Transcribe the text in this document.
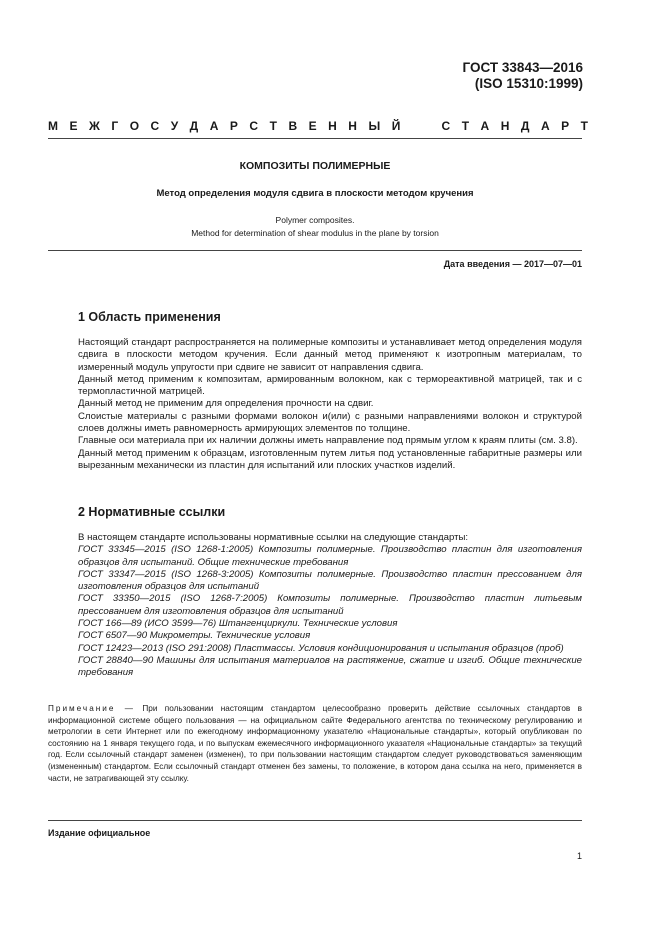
ГОСТ 33843—2016
(ISO 15310:1999)
М Е Ж Г О С У Д А Р С Т В Е Н Н Ы Й

	С Т А Н Д А Р Т
КОМПОЗИТЫ ПОЛИМЕРНЫЕ
Метод определения модуля сдвига в плоскости методом кручения
Polymer composites.
Method for determination of shear modulus in the plane by torsion
Дата введения — 2017—07—01
1 Область применения

Настоящий стандарт распространяется на полимерные композиты и устанавливает метод определения модуля сдвига в плоскости методом кручения. Если данный метод применяют к изотропным материалам, то измеренный модуль упругости при сдвиге не зависит от направления сдвига.

Данный метод применим к композитам, армированным волокном, как с термореактивной матрицей, так и с термопластичной матрицей.

Данный метод не применим для определения прочности на сдвиг.

Слоистые материалы с разными формами волокон и(или) с разными направлениями волокон и структурой слоев должны иметь равномерность армирующих элементов по толщине.

Главные оси материала при их наличии должны иметь направление под прямым углом к краям плиты (см. 3.8).

Данный метод применим к образцам, изготовленным путем литья под установленные габаритные размеры или вырезанным механически из пластин для испытаний или плоских участков изделий.

2 Нормативные ссылки

В настоящем стандарте использованы нормативные ссылки на следующие стандарты:

ГОСТ 33345—2015 (ISO 1268-1:2005) Композиты полимерные. Производство пластин для изготовления образцов для испытаний. Общие технические требования

ГОСТ 33347—2015 (ISO 1268-3:2005) Композиты полимерные. Производство пластин прессованием для изготовления образцов для испытаний

ГОСТ 33350—2015 (ISO 1268-7:2005) Композиты полимерные. Производство пластин литьевым прессованием для изготовления образцов для испытаний

ГОСТ 166—89 (ИСО 3599—76) Штангенциркули. Технические условия

ГОСТ 6507—90 Микрометры. Технические условия

ГОСТ 12423—2013 (ISO 291:2008) Пластмассы. Условия кондиционирования и испытания образцов (проб)

ГОСТ 28840—90 Машины для испытания материалов на растяжение, сжатие и изгиб. Общие технические требования

Примечание — При пользовании настоящим стандартом целесообразно проверить действие ссылочных стандартов в информационной системе общего пользования — на официальном сайте Федерального агентства по техническому регулированию и метрологии в сети Интернет или по ежегодному информационному указателю «Национальные стандарты», который опубликован по состоянию на 1 января текущего года, и по выпускам ежемесячного информационного указателя «Национальные стандарты» за текущий год. Если ссылочный стандарт заменен (изменен), то при пользовании настоящим стандартом следует руководствоваться заменяющим (измененным) стандартом. Если ссылочный стандарт отменен без замены, то положение, в котором дана ссылка на него, применяется в части, не затрагивающей эту ссылку.
Издание официальное
1
